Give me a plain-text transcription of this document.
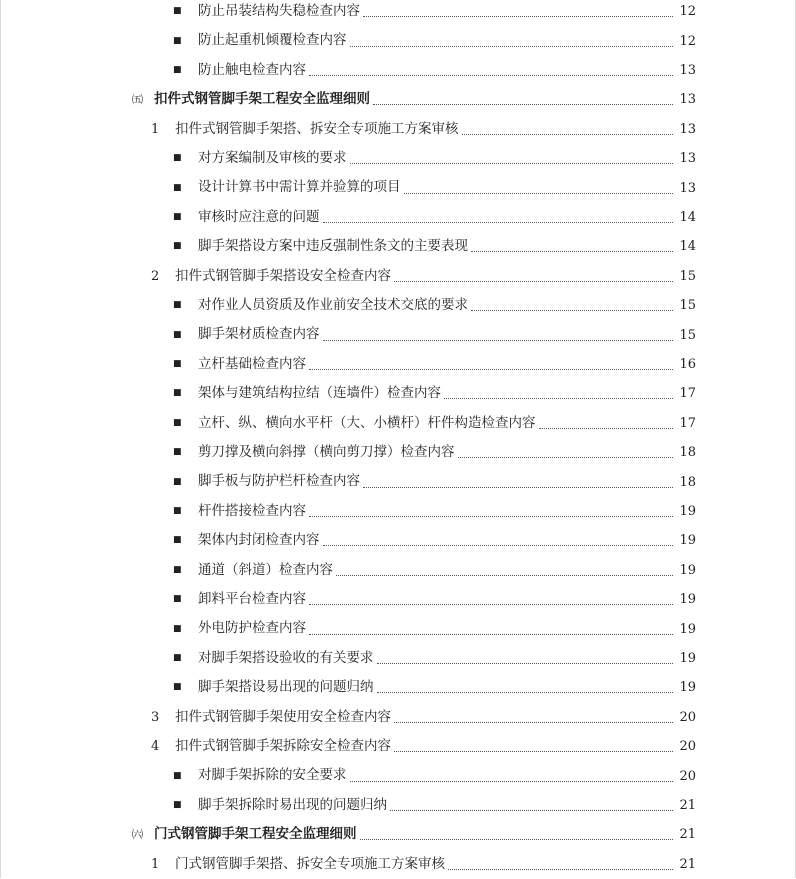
■	防止吊装结构失稳检查内容	12
■	防止起重机倾覆检查内容	12
■	防止触电检查内容	13
㈤ 扣件式钢管脚手架工程安全监理细则	13
1	扣件式钢管脚手架搭、拆安全专项施工方案审核	13
■	对方案编制及审核的要求	13
■	设计计算书中需计算并验算的项目	13
■	审核时应注意的问题	14
■	脚手架搭设方案中违反强制性条文的主要表现	14
2	扣件式钢管脚手架搭设安全检查内容	15
■	对作业人员资质及作业前安全技术交底的要求	15
■	脚手架材质检查内容	15
■	立杆基础检查内容	16
■	架体与建筑结构拉结（连墙件）检查内容	17
■	立杆、纵、横向水平杆（大、小横杆）杆件构造检查内容	17
■	剪刀撑及横向斜撑（横向剪刀撑）检查内容	18
■	脚手板与防护栏杆检查内容	18
■	杆件搭接检查内容	19
■	架体内封闭检查内容	19
■	通道（斜道）检查内容	19
■	卸料平台检查内容	19
■	外电防护检查内容	19
■	对脚手架搭设验收的有关要求	19
■	脚手架搭设易出现的问题归纳	19
3	扣件式钢管脚手架使用安全检查内容	20
4	扣件式钢管脚手架拆除安全检查内容	20
■	对脚手架拆除的安全要求	20
■	脚手架拆除时易出现的问题归纳	21
㈥ 门式钢管脚手架工程安全监理细则	21
1	门式钢管脚手架搭、拆安全专项施工方案审核	21
